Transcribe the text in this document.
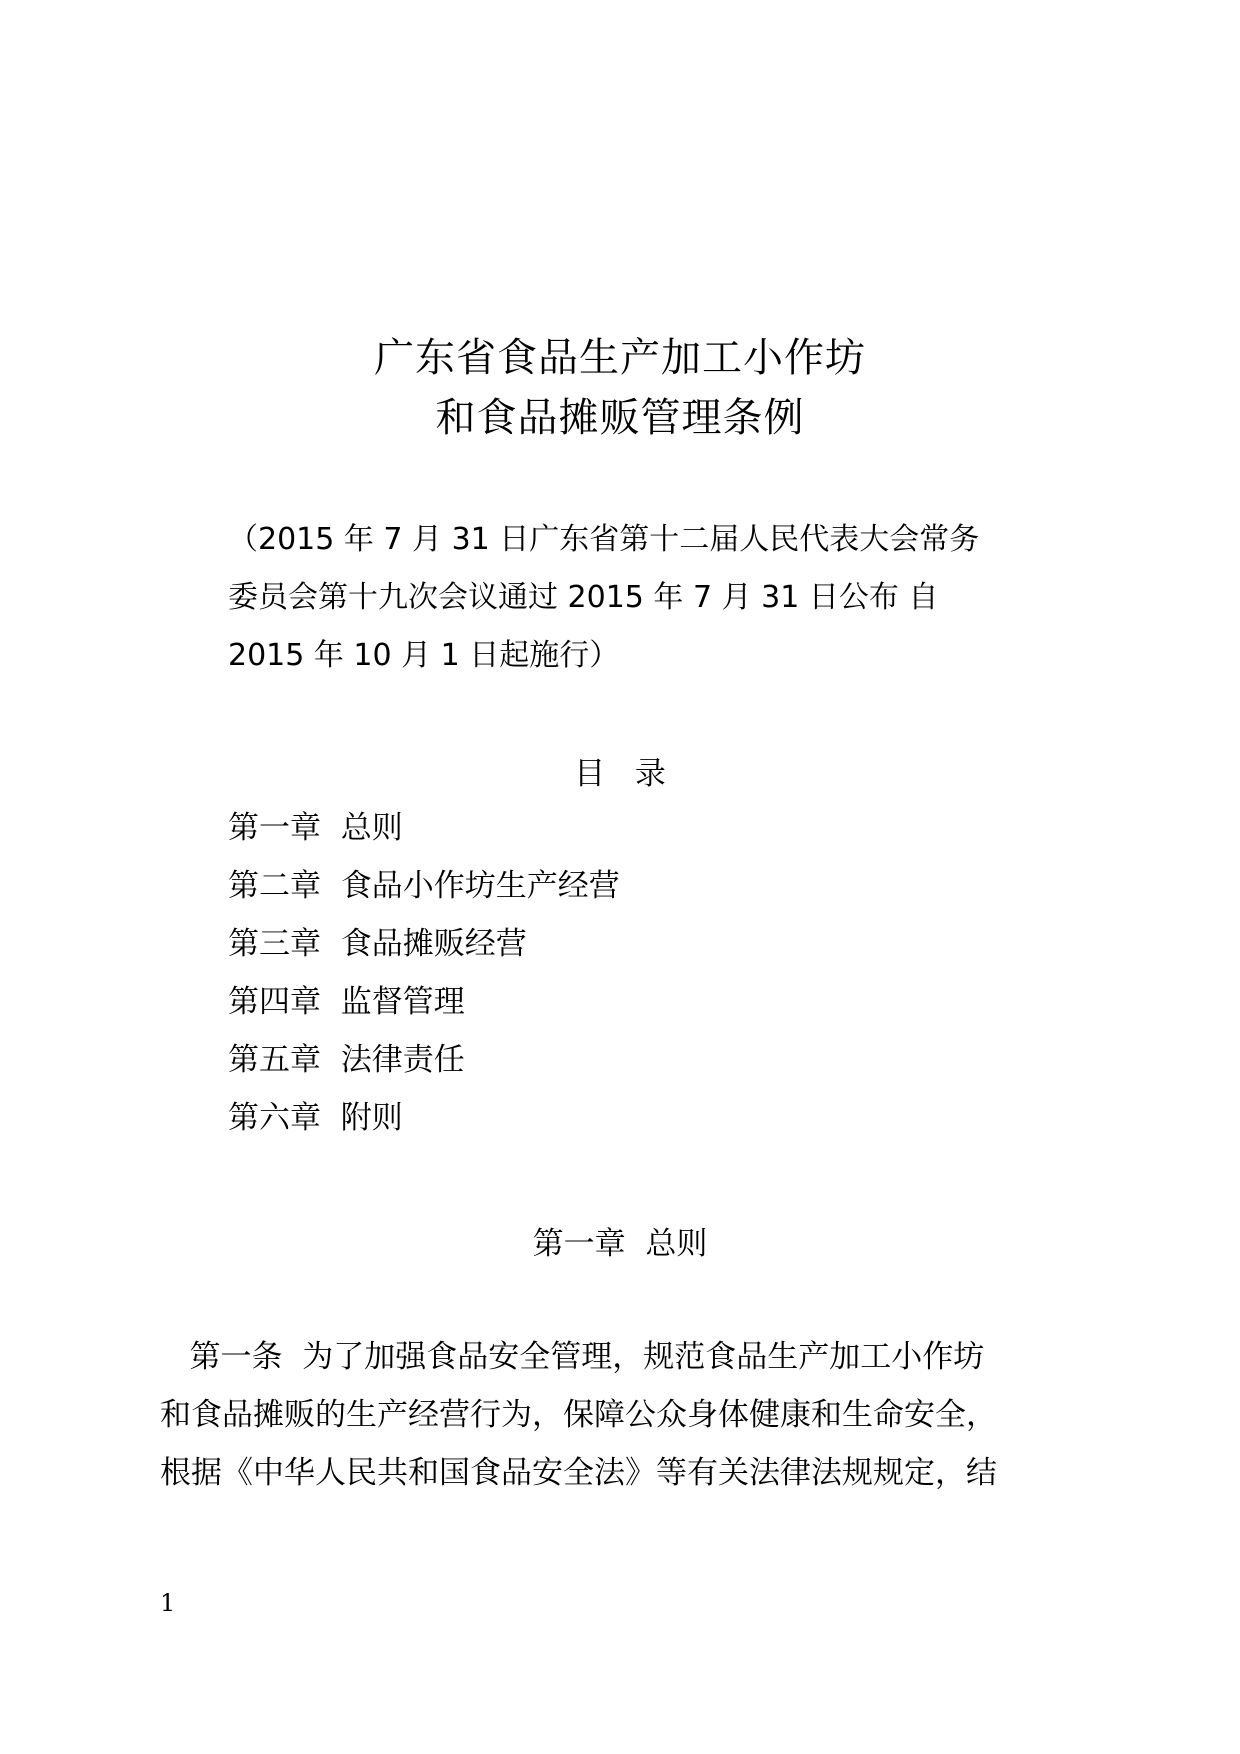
广东省食品生产加工小作坊
和食品摊贩管理条例
（2015 年 7 月 31 日广东省第十二届人民代表大会常务
委员会第十九次会议通过 2015 年 7 月 31 日公布 自
2015 年 10 月 1 日起施行）
目 录
第一章 总则
第二章 食品小作坊生产经营
第三章 食品摊贩经营
第四章 监督管理
第五章 法律责任
第六章 附则
第一章  总则
第一条  为了加强食品安全管理，规范食品生产加工小作坊
和食品摊贩的生产经营行为，保障公众身体健康和生命安全，
根据《中华人民共和国食品安全法》等有关法律法规规定，结
1
